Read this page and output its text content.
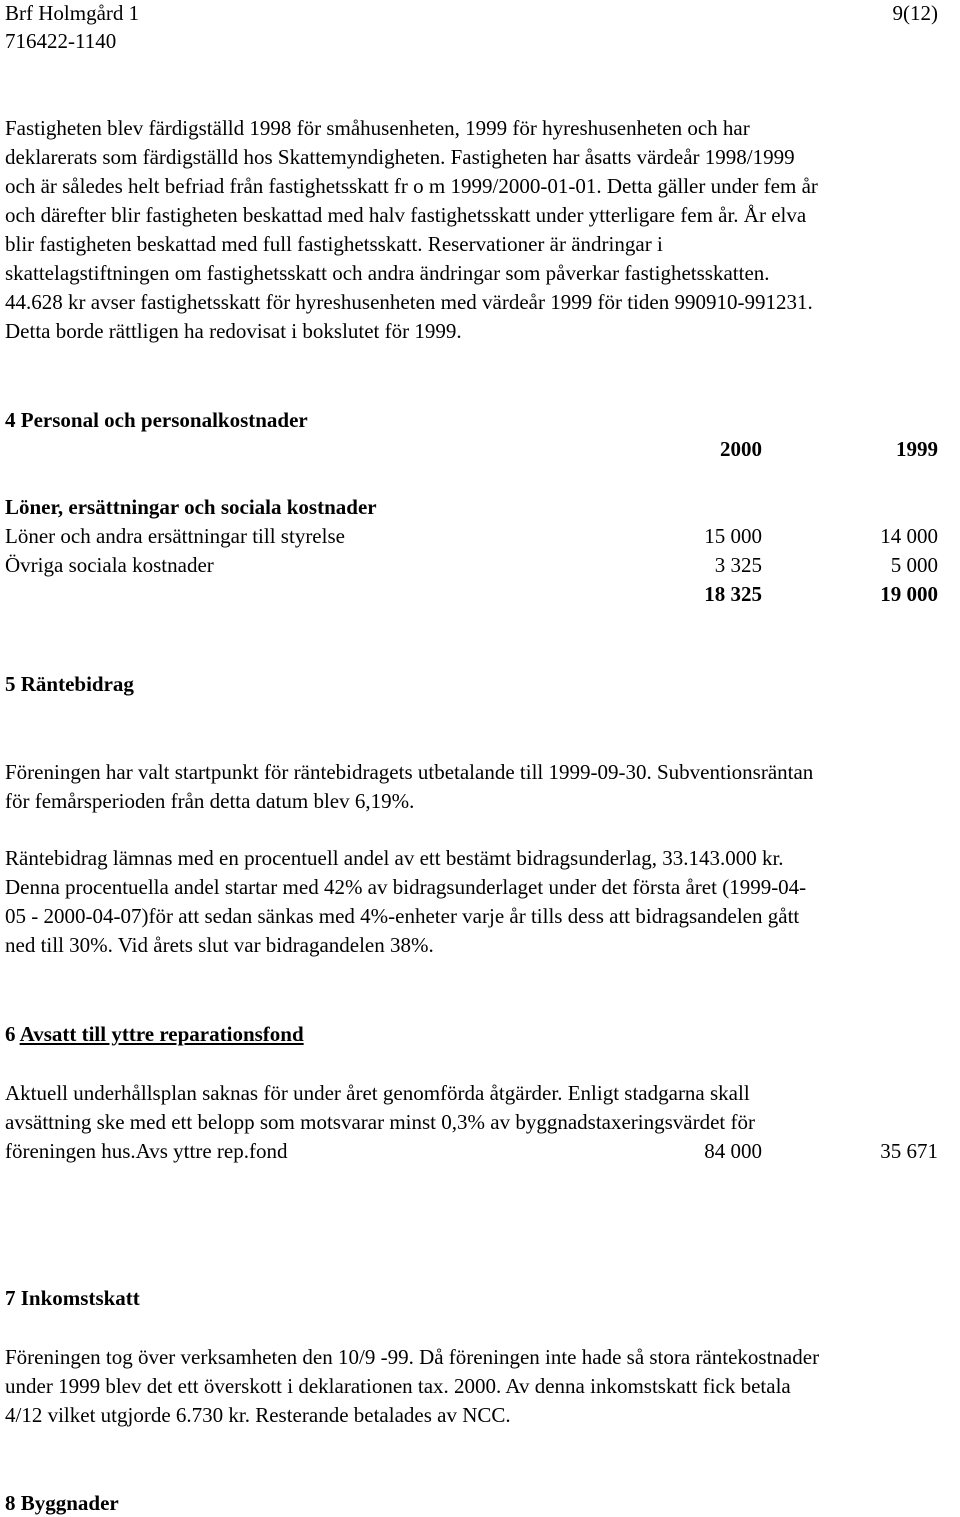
Brf Holmgård 1
716422-1140
9(12)
Fastigheten blev färdigställd 1998 för småhusenheten, 1999 för hyreshusenheten och har
deklarerats som färdigställd hos Skattemyndigheten. Fastigheten har åsatts värdeår 1998/1999
och är således helt befriad från fastighetsskatt fr o m 1999/2000-01-01. Detta gäller under fem år
och därefter blir fastigheten beskattad med halv fastighetsskatt under ytterligare fem år. År elva
blir fastigheten beskattad med full fastighetsskatt. Reservationer är ändringar i
skattelagstiftningen om fastighetsskatt och andra ändringar som påverkar fastighetsskatten.
44.628 kr avser fastighetsskatt för hyreshusenheten med värdeår 1999 för tiden 990910-991231.
Detta borde rättligen ha redovisat i bokslutet för 1999.
4 Personal och personalkostnader
2000	1999
Löner, ersättningar och sociala kostnader
Löner och andra ersättningar till styrelse	15 000	14 000
Övriga sociala kostnader	3 325	5 000
18 325	19 000
5 Räntebidrag
Föreningen har valt startpunkt för räntebidragets utbetalande till 1999-09-30. Subventionsräntan
för femårsperioden från detta datum blev 6,19%.
Räntebidrag lämnas med en procentuell andel av ett bestämt bidragsunderlag, 33.143.000 kr.
Denna procentuella andel startar med 42% av bidragsunderlaget under det första året (1999-04-
05 - 2000-04-07)för att sedan sänkas med 4%-enheter varje år tills dess att bidragsandelen gått
ned till 30%. Vid årets slut var bidragandelen 38%.
6 Avsatt till yttre reparationsfond
Aktuell underhållsplan saknas för under året genomförda åtgärder. Enligt stadgarna skall
avsättning ske med ett belopp som motsvarar minst 0,3% av byggnadstaxeringsvärdet för
föreningen hus.Avs yttre rep.fond	84 000	35 671
7 Inkomstskatt
Föreningen tog över verksamheten den 10/9 -99. Då föreningen inte hade så stora räntekostnader
under 1999 blev det ett överskott i deklarationen tax. 2000. Av denna inkomstskatt fick betala
4/12 vilket utgjorde 6.730 kr. Resterande betalades av NCC.
8 Byggnader
